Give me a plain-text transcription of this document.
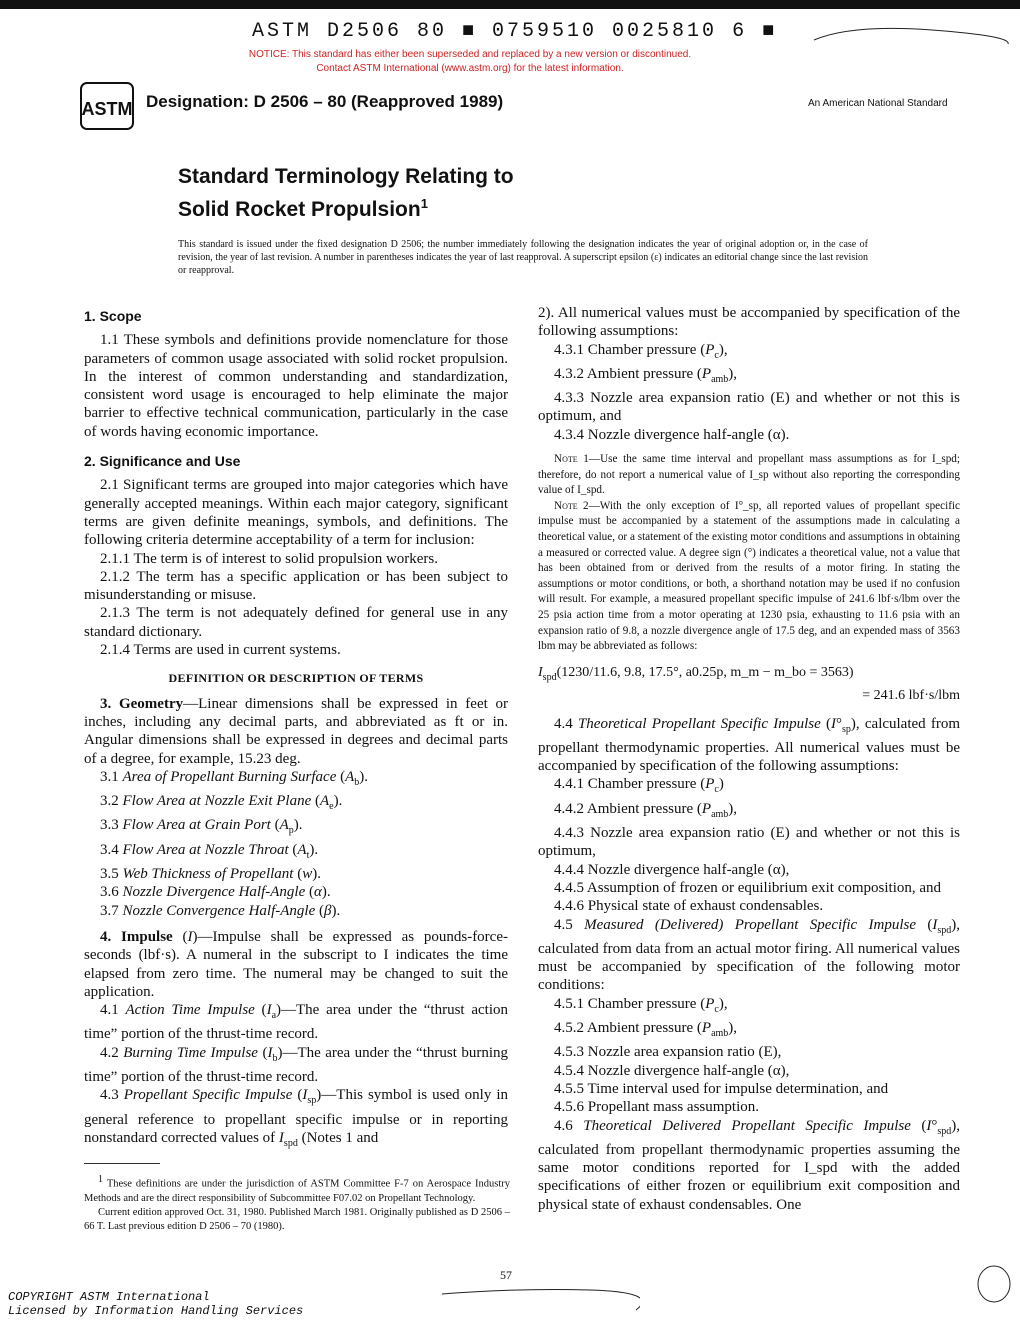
ASTM D2506 80 ■ 0759510 0025810 6 ■
NOTICE: This standard has either been superseded and replaced by a new version or discontinued.
Contact ASTM International (www.astm.org) for the latest information.
ASTM Designation: D 2506 – 80 (Reapproved 1989)	An American National Standard
Standard Terminology Relating to
Solid Rocket Propulsion$^1$
This standard is issued under the fixed designation D 2506; the number immediately following the designation indicates the year of original adoption or, in the case of revision, the year of last revision. A number in parentheses indicates the year of last reapproval. A superscript epsilon (ε) indicates an editorial change since the last revision or reapproval.

1. Scope

1.1 These symbols and definitions provide nomenclature for those parameters of common usage associated with solid rocket propulsion. In the interest of common understanding and standardization, consistent word usage is encouraged to help eliminate the major barrier to effective technical communication, particularly in the case of words having economic importance.

2. Significance and Use

2.1 Significant terms are grouped into major categories which have generally accepted meanings. Within each major category, significant terms are given definite meanings, symbols, and definitions. The following criteria determine acceptability of a term for inclusion:

2.1.1 The term is of interest to solid propulsion workers.

2.1.2 The term has a specific application or has been subject to misunderstanding or misuse.

2.1.3 The term is not adequately defined for general use in any standard dictionary.

2.1.4 Terms are used in current systems.

DEFINITION OR DESCRIPTION OF TERMS

3. Geometry—Linear dimensions shall be expressed in feet or inches, including any decimal parts, and abbreviated as ft or in. Angular dimensions shall be expressed in degrees and decimal parts of a degree, for example, 15.23 deg.

3.1 Area of Propellant Burning Surface $(A_b)$.

3.2 Flow Area at Nozzle Exit Plane $(A_e)$.

3.3 Flow Area at Grain Port $(A_p)$.

3.4 Flow Area at Nozzle Throat $(A_t)$.

3.5 Web Thickness of Propellant (w).

3.6 Nozzle Divergence Half-Angle (α).

3.7 Nozzle Convergence Half-Angle (β).

4. Impulse (I)—Impulse shall be expressed as pounds-force-seconds (lbf·s). A numeral in the subscript to I indicates the time elapsed from zero time. The numeral may be changed to suit the application.

4.1 Action Time Impulse $(I_a)—The$ area under the “thrust action time” portion of the thrust-time record.

4.2 Burning Time Impulse $(I_b)—The$ area under the “thrust burning time” portion of the thrust-time record.

4.3 Propellant Specific Impulse $(I_{sp})—This$ symbol is used only in general reference to propellant specific impulse or in reporting nonstandard corrected values of $I_{spd}$ (Notes 1 and

2). All numerical values must be accompanied by specification of the following assumptions:

4.3.1 Chamber pressure $(P_c)$,

4.3.2 Ambient pressure $(P_{amb})$,

4.3.3 Nozzle area expansion ratio (E) and whether or not this is optimum, and

4.3.4 Nozzle divergence half-angle (α).

Note 1—Use the same time interval and propellant mass assumptions as for I_spd; therefore, do not report a numerical value of I_sp without also reporting the corresponding value of I_spd.

Note 2—With the only exception of I°_sp, all reported values of propellant specific impulse must be accompanied by a statement of the assumptions made in calculating a theoretical value, or a statement of the existing motor conditions and assumptions in obtaining a measured or corrected value. A degree sign (°) indicates a theoretical value, not a value that has been obtained from or derived from the results of a motor firing. In stating the assumptions or motor conditions, or both, a shorthand notation may be used if no confusion will result. For example, a measured propellant specific impulse of 241.6 lbf·s/lbm over the 25 psia action time from a motor operating at 1230 psia, exhausting to 11.6 psia with an expansion ratio of 9.8, a nozzle divergence angle of 17.5 deg, and an expended mass of 3563 lbm may be abbreviated as follows:

$I_{spd}(1230/11.6$, 9.8, 17.5°, a0.25p, m_m − m_bo = 3563)
= 241.6 lbf·s/lbm

4.4 Theoretical Propellant Specific Impulse $(I^\circ_{sp})$, calculated from propellant thermodynamic properties. All numerical values must be accompanied by specification of the following assumptions:

4.4.1 Chamber pressure $(P_c)$

4.4.2 Ambient pressure $(P_{amb})$,

4.4.3 Nozzle area expansion ratio (E) and whether or not this is optimum,

4.4.4 Nozzle divergence half-angle (α),

4.4.5 Assumption of frozen or equilibrium exit composition, and

4.4.6 Physical state of exhaust condensables.

4.5 Measured (Delivered) Propellant Specific Impulse $(I_{spd})$, calculated from data from an actual motor firing. All numerical values must be accompanied by specification of the following motor conditions:

4.5.1 Chamber pressure $(P_c)$,

4.5.2 Ambient pressure $(P_{amb})$,

4.5.3 Nozzle area expansion ratio (E),

4.5.4 Nozzle divergence half-angle (α),

4.5.5 Time interval used for impulse determination, and

4.5.6 Propellant mass assumption.

4.6 Theoretical Delivered Propellant Specific Impulse $(I^\circ_{spd})$, calculated from propellant thermodynamic properties assuming the same motor conditions reported for I_spd with the added specifications of either frozen or equilibrium exit composition and physical state of exhaust condensables. One

$^1$ These definitions are under the jurisdiction of ASTM Committee F-7 on Aerospace Industry Methods and are the direct responsibility of Subcommittee F07.02 on Propellant Technology.

Current edition approved Oct. 31, 1980. Published March 1981. Originally published as D 2506 – 66 T. Last previous edition D 2506 – 70 (1980).

57

COPYRIGHT ASTM International

Licensed by Information Handling Services
